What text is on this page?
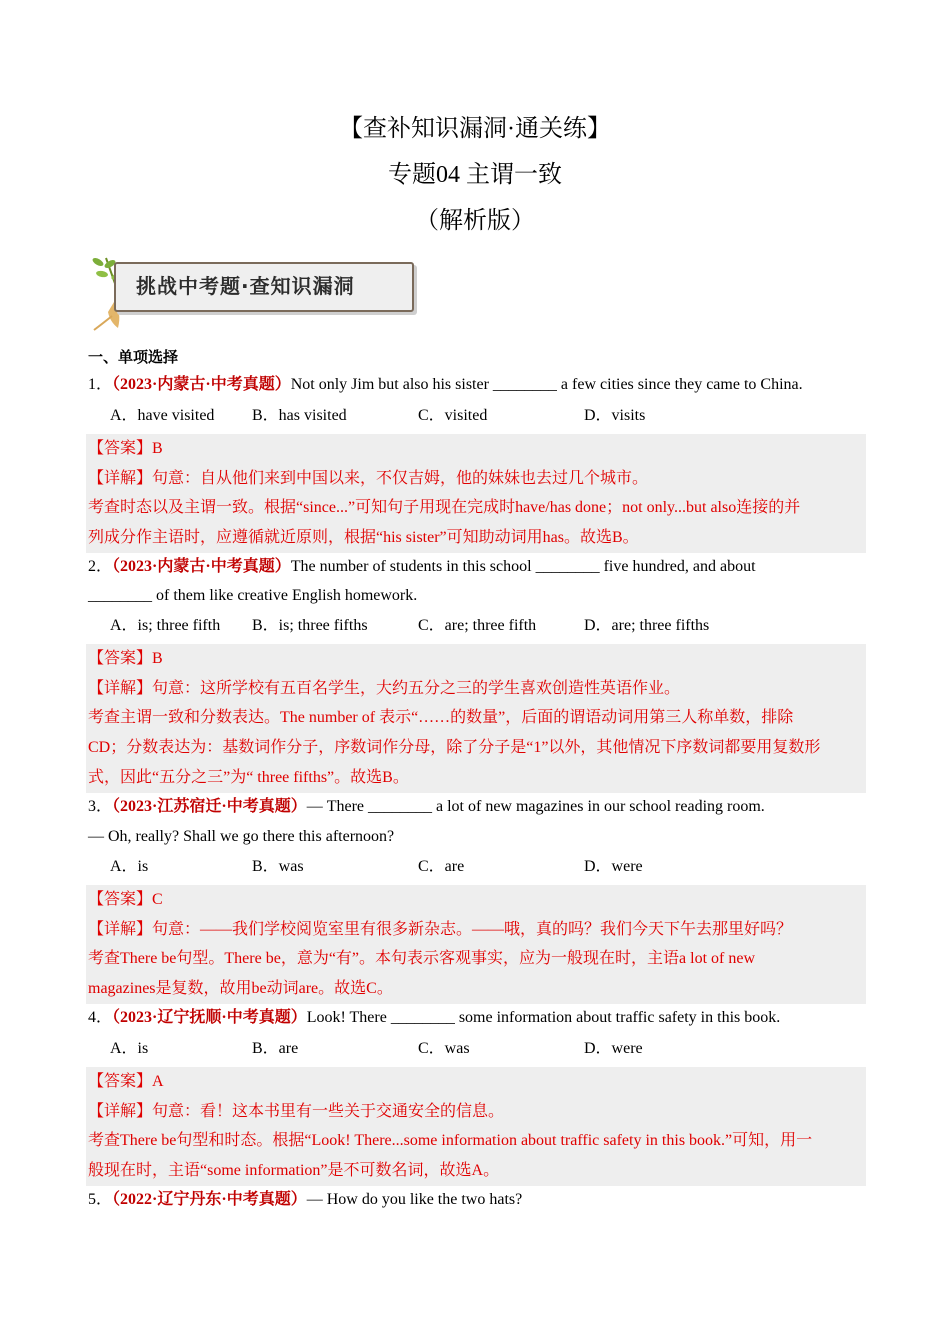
【查补知识漏洞·通关练】
专题04 主谓一致
（解析版）
挑战中考题·查知识漏洞
一、单项选择
1．（2023·内蒙古·中考真题）Not only Jim but also his sister ________ a few cities since they came to China.
A．have visited B．has visited	C．visited	D．visits
【答案】B
【详解】句意：自从他们来到中国以来，不仅吉姆，他的妹妹也去过几个城市。
考查时态以及主谓一致。根据“since...”可知句子用现在完成时have/has done；not only...but also连接的并
列成分作主语时，应遵循就近原则，根据“his sister”可知助动词用has。故选B。
2．（2023·内蒙古·中考真题）The number of students in this school ________ five hundred, and about
________ of them like creative English homework.
A．is; three fifth B．is; three fifths	C．are; three fifth	D．are; three fifths
【答案】B
【详解】句意：这所学校有五百名学生，大约五分之三的学生喜欢创造性英语作业。
考查主谓一致和分数表达。The number of 表示“……的数量”，后面的谓语动词用第三人称单数，排除
CD；分数表达为：基数词作分子，序数词作分母，除了分子是“1”以外，其他情况下序数词都要用复数形
式，因此“五分之三”为“ three fifths”。故选B。
3．（2023·江苏宿迁·中考真题）— There ________ a lot of new magazines in our school reading room.
— Oh, really? Shall we go there this afternoon?
A．is	B．was	C．are	D．were
【答案】C
【详解】句意：——我们学校阅览室里有很多新杂志。——哦，真的吗？我们今天下午去那里好吗？
考查There be句型。There be，意为“有”。本句表示客观事实，应为一般现在时，主语a lot of new
magazines是复数，故用be动词are。故选C。
4．（2023·辽宁抚顺·中考真题）Look! There ________ some information about traffic safety in this book.
A．is	B．are	C．was	D．were
【答案】A
【详解】句意：看！这本书里有一些关于交通安全的信息。
考查There be句型和时态。根据“Look! There...some information about traffic safety in this book.”可知，用一
般现在时，主语“some information”是不可数名词，故选A。
5．（2022·辽宁丹东·中考真题）— How do you like the two hats?
